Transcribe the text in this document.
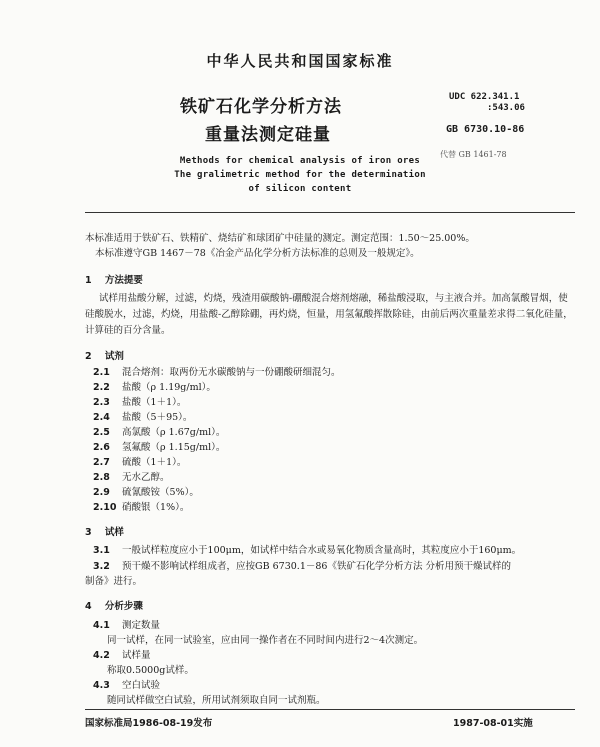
中华人民共和国国家标准
铁矿石化学分析方法
重量法测定硅量
UDC 622.341.1
:543.06
GB 6730.10-86
代替 GB 1461-78
Methods for chemical analysis of iron ores
The gralimetric method for the determination
of silicon content
本标准适用于铁矿石、铁精矿、烧结矿和球团矿中硅量的测定。测定范围：1.50～25.00%。
本标准遵守GB 1467－78《冶金产品化学分析方法标准的总则及一般规定》。
1 方法提要
试样用盐酸分解，过滤，灼烧，残渣用碳酸钠-硼酸混合熔剂熔融，稀盐酸浸取，与主液合并。加高氯酸冒烟，使硅酸脱水，过滤，灼烧，用盐酸-乙醇除硼，再灼烧，恒量，用氢氟酸挥散除硅，由前后两次重量差求得二氧化硅量，计算硅的百分含量。
2 试剂
2.1 混合熔剂：取两份无水碳酸钠与一份硼酸研细混匀。
2.2 盐酸（ρ 1.19g/ml）。
2.3 盐酸（1＋1）。
2.4 盐酸（5＋95）。
2.5 高氯酸（ρ 1.67g/ml）。
2.6 氢氟酸（ρ 1.15g/ml）。
2.7 硫酸（1＋1）。
2.8 无水乙醇。
2.9 硫氰酸铵（5%）。
2.10 硝酸银（1%）。
3 试样
3.1 一般试样粒度应小于100μm，如试样中结合水或易氧化物质含量高时，其粒度应小于160μm。
3.2 预干燥不影响试样组成者，应按GB 6730.1－86《铁矿石化学分析方法 分析用预干燥试样的
制备》进行。
4 分析步骤
4.1 测定数量
同一试样，在同一试验室，应由同一操作者在不同时间内进行2～4次测定。
4.2 试样量
称取0.5000g试样。
4.3 空白试验
随同试样做空白试验，所用试剂须取自同一试剂瓶。
国家标准局1986-08-19发布	1987-08-01实施
